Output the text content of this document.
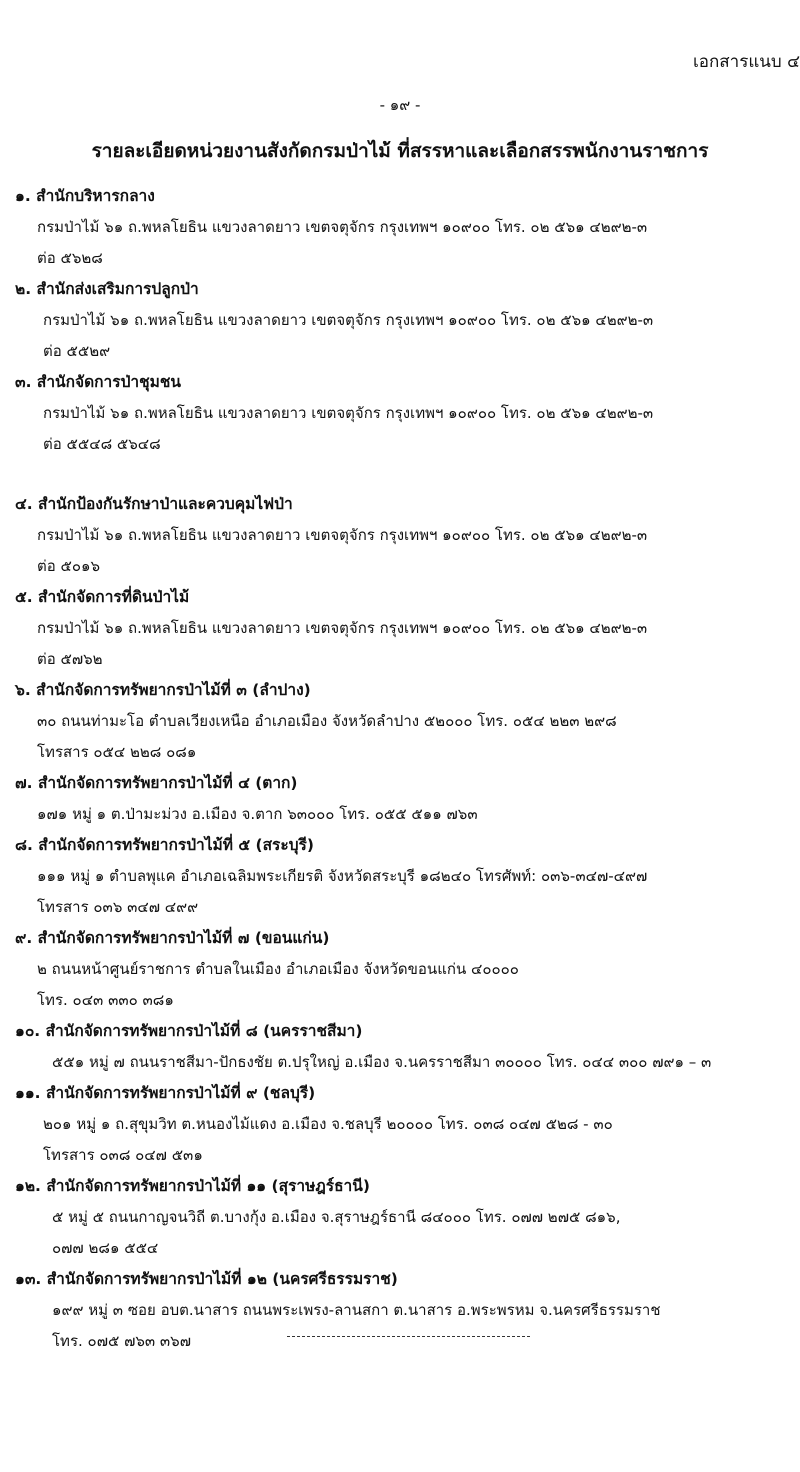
เอกสารแนบ ๔
- ๑๙ -
รายละเอียดหน่วยงานสังกัดกรมป่าไม้ ที่สรรหาและเลือกสรรพนักงานราชการ
๑. สำนักบริหารกลาง
กรมป่าไม้ ๖๑ ถ.พหลโยธิน แขวงลาดยาว เขตจตุจักร กรุงเทพฯ ๑๐๙๐๐ โทร. ๐๒ ๕๖๑ ๔๒๙๒-๓
ต่อ ๕๖๒๘
๒. สำนักส่งเสริมการปลูกป่า
กรมป่าไม้ ๖๑ ถ.พหลโยธิน แขวงลาดยาว เขตจตุจักร กรุงเทพฯ ๑๐๙๐๐ โทร. ๐๒ ๕๖๑ ๔๒๙๒-๓
ต่อ ๕๕๒๙
๓. สำนักจัดการป่าชุมชน
กรมป่าไม้ ๖๑ ถ.พหลโยธิน แขวงลาดยาว เขตจตุจักร กรุงเทพฯ ๑๐๙๐๐ โทร. ๐๒ ๕๖๑ ๔๒๙๒-๓
ต่อ ๕๕๔๘ ๕๖๔๘
๔. สำนักป้องกันรักษาป่าและควบคุมไฟป่า
กรมป่าไม้ ๖๑ ถ.พหลโยธิน แขวงลาดยาว เขตจตุจักร กรุงเทพฯ ๑๐๙๐๐ โทร. ๐๒ ๕๖๑ ๔๒๙๒-๓
ต่อ ๕๐๑๖
๕. สำนักจัดการที่ดินป่าไม้
กรมป่าไม้ ๖๑ ถ.พหลโยธิน แขวงลาดยาว เขตจตุจักร กรุงเทพฯ ๑๐๙๐๐ โทร. ๐๒ ๕๖๑ ๔๒๙๒-๓
ต่อ ๕๗๖๒
๖. สำนักจัดการทรัพยากรป่าไม้ที่ ๓ (ลำปาง)
๓๐ ถนนท่ามะโอ ตำบลเวียงเหนือ อำเภอเมือง จังหวัดลำปาง ๕๒๐๐๐ โทร. ๐๕๔ ๒๒๓ ๒๙๘
โทรสาร ๐๕๔ ๒๒๘ ๐๘๑
๗. สำนักจัดการทรัพยากรป่าไม้ที่ ๔ (ตาก)
๑๗๑ หมู่ ๑ ต.ป่ามะม่วง อ.เมือง จ.ตาก ๖๓๐๐๐ โทร. ๐๕๕ ๕๑๑ ๗๖๓
๘. สำนักจัดการทรัพยากรป่าไม้ที่ ๕ (สระบุรี)
๑๑๑ หมู่ ๑ ตำบลพุแค อำเภอเฉลิมพระเกียรติ จังหวัดสระบุรี ๑๘๒๔๐ โทรศัพท์: ๐๓๖-๓๔๗-๔๙๗
โทรสาร ๐๓๖ ๓๔๗ ๔๙๙
๙. สำนักจัดการทรัพยากรป่าไม้ที่ ๗ (ขอนแก่น)
๒ ถนนหน้าศูนย์ราชการ ตำบลในเมือง อำเภอเมือง จังหวัดขอนแก่น ๔๐๐๐๐
โทร. ๐๔๓ ๓๓๐ ๓๘๑
๑๐. สำนักจัดการทรัพยากรป่าไม้ที่ ๘ (นครราชสีมา)
๕๕๑ หมู่ ๗ ถนนราชสีมา-ปักธงชัย ต.ปรุใหญ่ อ.เมือง จ.นครราชสีมา ๓๐๐๐๐ โทร. ๐๔๔ ๓๐๐ ๗๙๑ – ๓
๑๑. สำนักจัดการทรัพยากรป่าไม้ที่ ๙ (ชลบุรี)
๒๐๑ หมู่ ๑ ถ.สุขุมวิท ต.หนองไม้แดง อ.เมือง จ.ชลบุรี ๒๐๐๐๐ โทร. ๐๓๘ ๐๔๗ ๕๒๘ - ๓๐
โทรสาร ๐๓๘ ๐๔๗ ๕๓๑
๑๒. สำนักจัดการทรัพยากรป่าไม้ที่ ๑๑ (สุราษฎร์ธานี)
๕ หมู่ ๕ ถนนกาญจนวิถี ต.บางกุ้ง อ.เมือง จ.สุราษฎร์ธานี ๘๔๐๐๐ โทร. ๐๗๗ ๒๗๕ ๘๑๖,
๐๗๗ ๒๘๑ ๕๕๔
๑๓. สำนักจัดการทรัพยากรป่าไม้ที่ ๑๒ (นครศรีธรรมราช)
๑๙๙ หมู่ ๓ ซอย อบต.นาสาร ถนนพระเพรง-ลานสกา ต.นาสาร อ.พระพรหม จ.นครศรีธรรมราช
โทร. ๐๗๕ ๗๖๓ ๓๖๗
